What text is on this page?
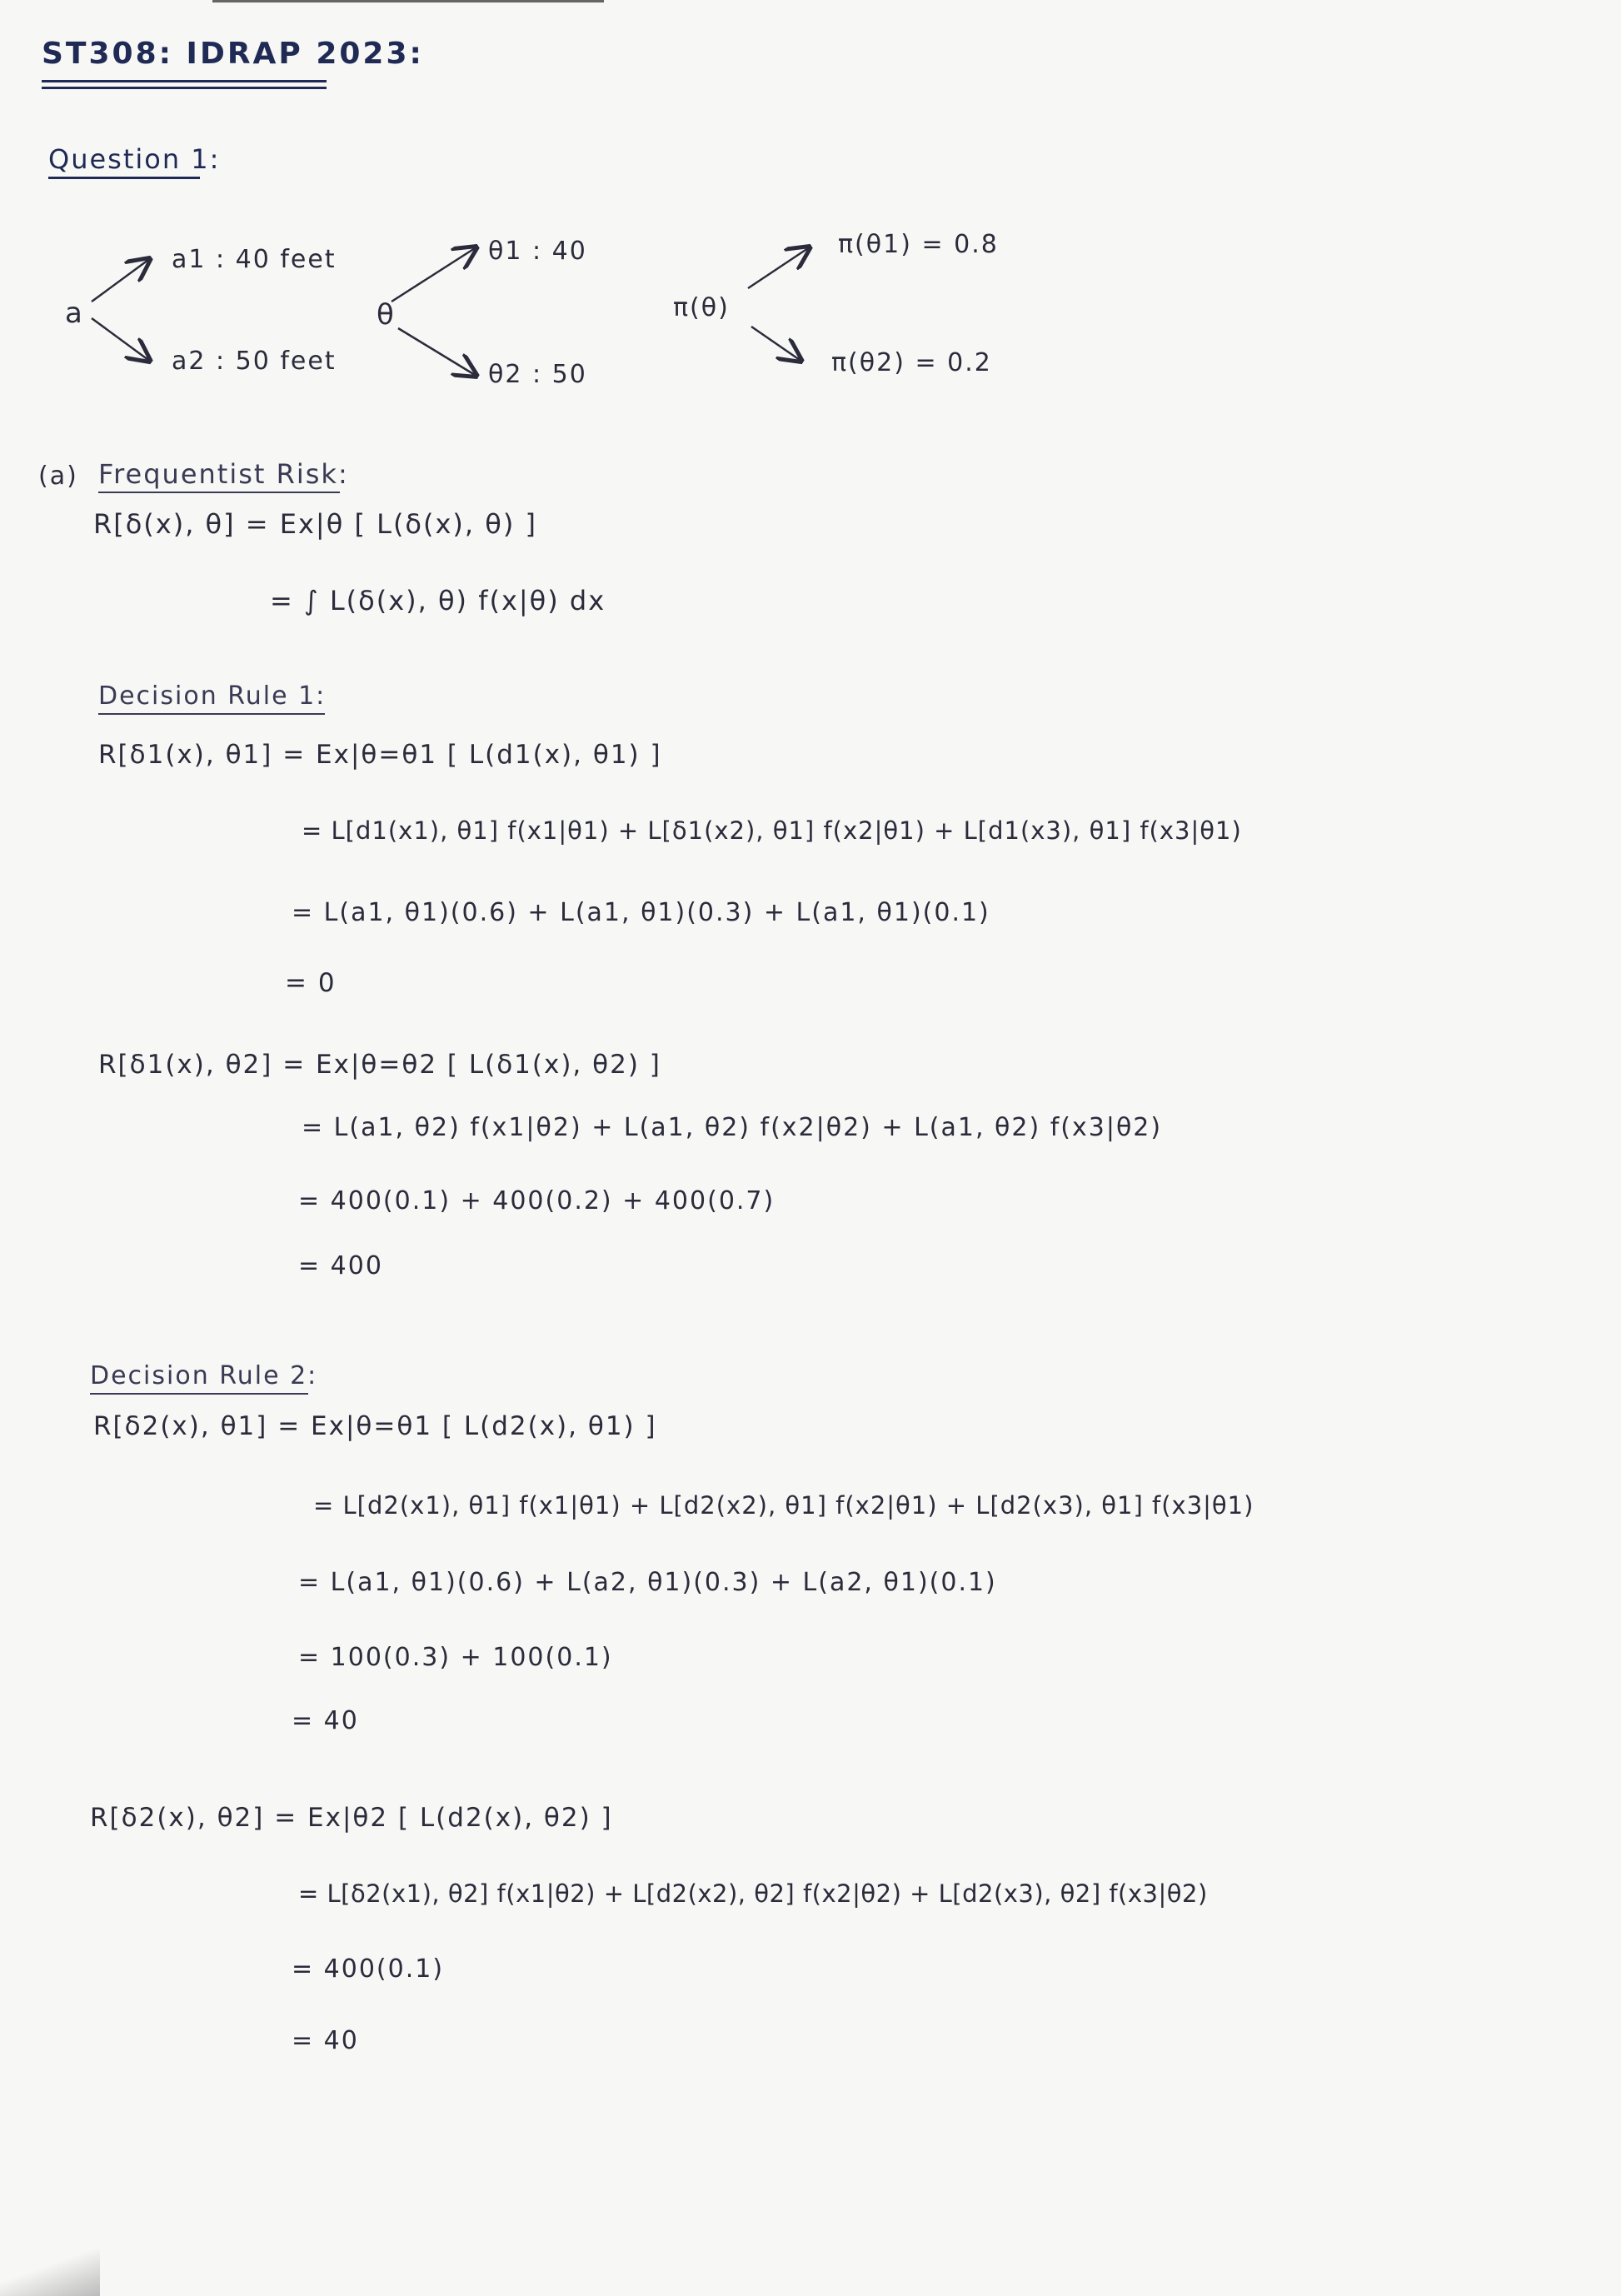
ST308: IDRAP 2023:
Question 1:
a
a1 : 40 feet
a2 : 50 feet
θ
θ1 : 40
θ2 : 50
π(θ)
π(θ1) = 0.8
π(θ2) = 0.2
(a) Frequentist Risk:
R[δ(x), θ] = Ex|θ [ L(δ(x), θ) ]
= ∫ L(δ(x), θ) f(x|θ) dx
Decision Rule 1:
R[δ1(x), θ1] = Ex|θ=θ1 [ L(d1(x), θ1) ]
= L[d1(x1), θ1] f(x1|θ1) + L[δ1(x2), θ1] f(x2|θ1) + L[d1(x3), θ1] f(x3|θ1)
= L(a1, θ1)(0.6) + L(a1, θ1)(0.3) + L(a1, θ1)(0.1)
= 0
R[δ1(x), θ2] = Ex|θ=θ2 [ L(δ1(x), θ2) ]
= L(a1, θ2) f(x1|θ2) + L(a1, θ2) f(x2|θ2) + L(a1, θ2) f(x3|θ2)
= 400(0.1) + 400(0.2) + 400(0.7)
= 400
Decision Rule 2:
R[δ2(x), θ1] = Ex|θ=θ1 [ L(d2(x), θ1) ]
= L[d2(x1), θ1] f(x1|θ1) + L[d2(x2), θ1] f(x2|θ1) + L[d2(x3), θ1] f(x3|θ1)
= L(a1, θ1)(0.6) + L(a2, θ1)(0.3) + L(a2, θ1)(0.1)
= 100(0.3) + 100(0.1)
= 40
R[δ2(x), θ2] = Ex|θ2 [ L(d2(x), θ2) ]
= L[δ2(x1), θ2] f(x1|θ2) + L[d2(x2), θ2] f(x2|θ2) + L[d2(x3), θ2] f(x3|θ2)
= 400(0.1)
= 40
